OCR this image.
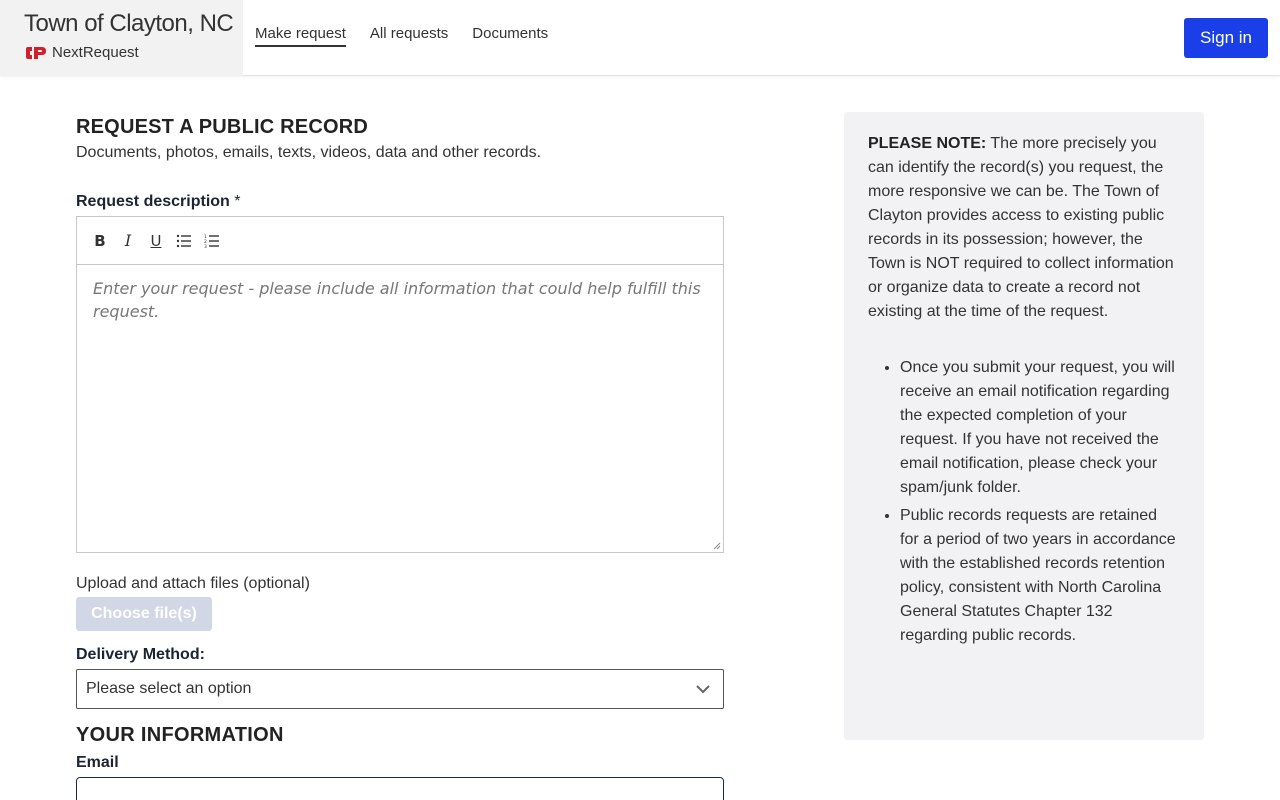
Town of Clayton, NC
NextRequest
Make request All requests Documents	Sign in
REQUEST A PUBLIC RECORD
Documents, photos, emails, texts, videos, data and other records.
Request description *
B	I	U	1
2
3
Enter your request - please include all information that could help fulfill this request.
Upload and attach files (optional)
Choose file(s)
Delivery Method:
Please select an option
YOUR INFORMATION
Email

PLEASE NOTE: The more precisely you can identify the record(s) you request, the more responsive we can be. The Town of Clayton provides access to existing public records in its possession; however, the Town is NOT required to collect information or organize data to create a record not existing at the time of the request.

• Once you submit your request, you will receive an email notification regarding the expected completion of your request. If you have not received the email notification, please check your spam/junk folder.
• Public records requests are retained for a period of two years in accordance with the established records retention policy, consistent with North Carolina General Statutes Chapter 132 regarding public records.
